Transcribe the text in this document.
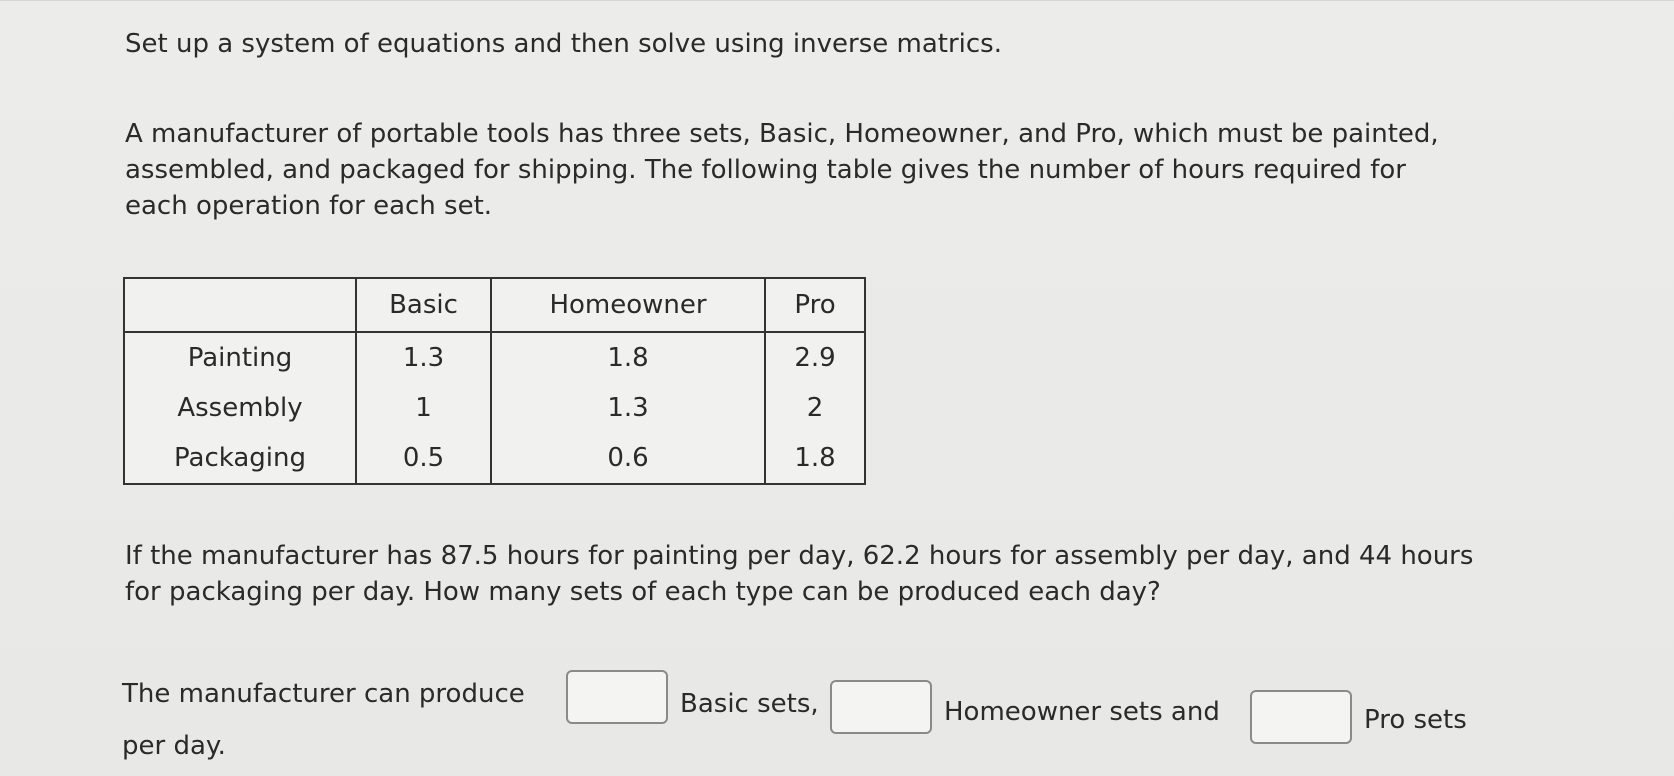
Set up a system of equations and then solve using inverse matrics.

A manufacturer of portable tools has three sets, Basic, Homeowner, and Pro, which must be painted, assembled, and packaged for shipping. The following table gives the number of hours required for each operation for each set.

	Basic	Homeowner	Pro
Painting	1.3	1.8	2.9
Assembly	1	1.3	2
Packaging	0.5	0.6	1.8

If the manufacturer has 87.5 hours for painting per day, 62.2 hours for assembly per day, and 44 hours for packaging per day. How many sets of each type can be produced each day?

The manufacturer can produce	Basic sets,	Homeowner sets and	Pro sets
per day.
